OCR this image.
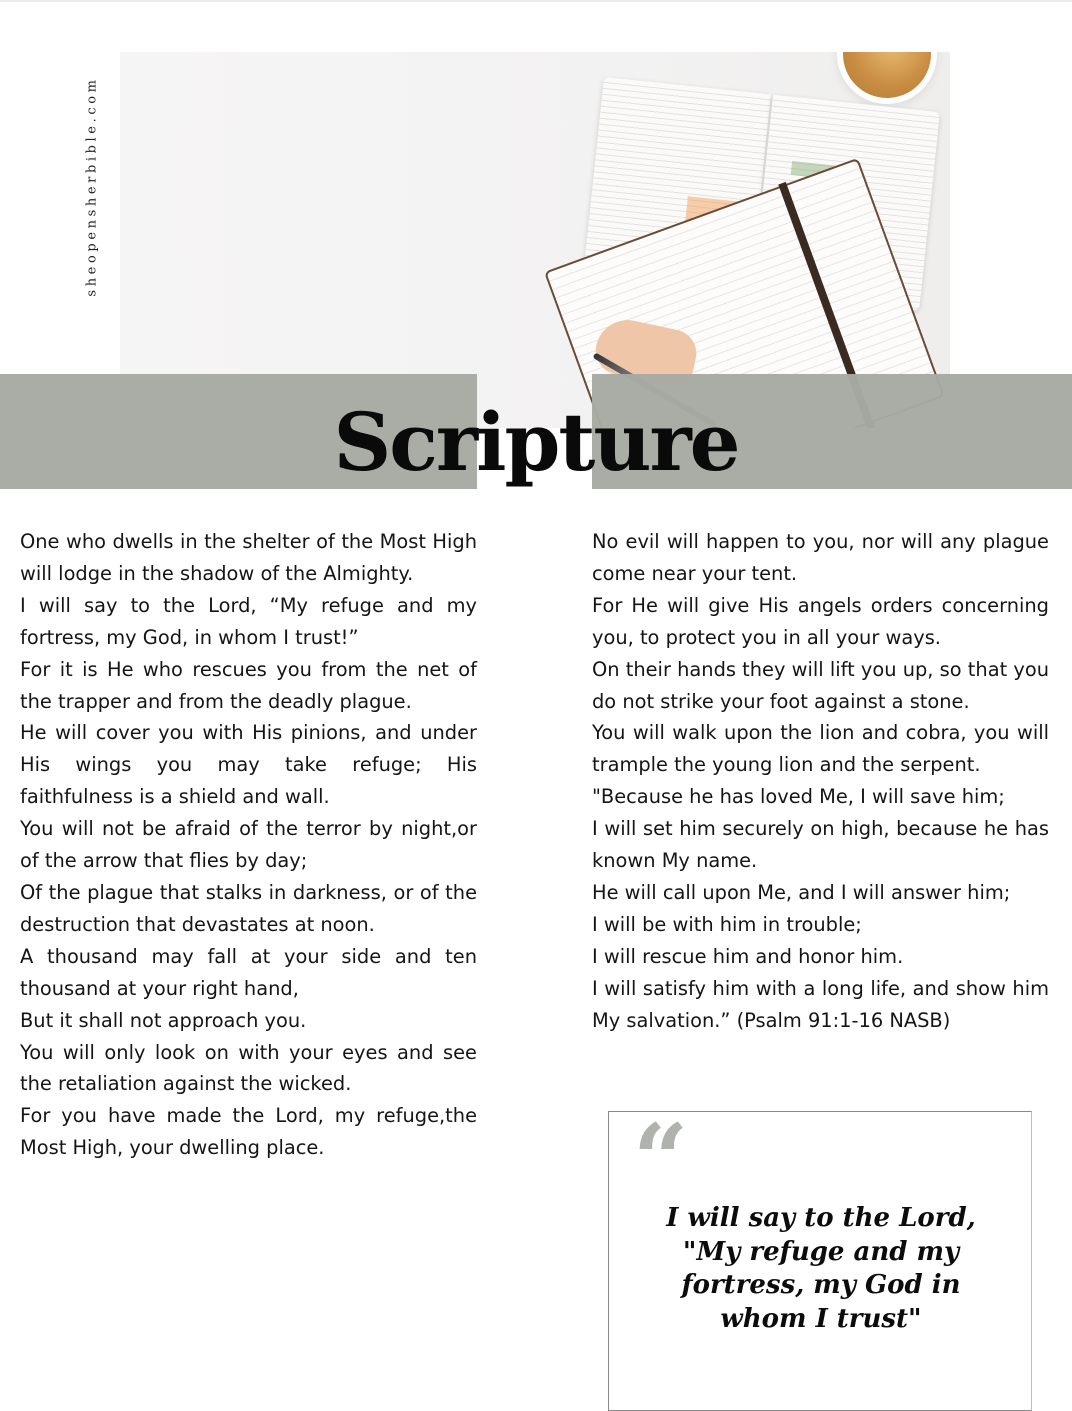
sheopensherbible.com
Scripture

One who dwells in the shelter of the Most High will lodge in the shadow of the Almighty.

I will say to the Lord, “My refuge and my fortress, my God, in whom I trust!”

For it is He who rescues you from the net of the trapper and from the deadly plague.

He will cover you with His pinions, and under His wings you may take refuge; His faithfulness is a shield and wall.

You will not be afraid of the terror by night,or of the arrow that flies by day;

Of the plague that stalks in darkness, or of the destruction that devastates at noon.

A thousand may fall at your side and ten thousand at your right hand,

But it shall not approach you.

You will only look on with your eyes and see the retaliation against the wicked.

For you have made the Lord, my refuge,the Most High, your dwelling place.

No evil will happen to you, nor will any plague come near your tent.

For He will give His angels orders concerning you, to protect you in all your ways.

On their hands they will lift you up, so that you do not strike your foot against a stone.

You will walk upon the lion and cobra, you will trample the young lion and the serpent.

"Because he has loved Me, I will save him;

I will set him securely on high, because he has known My name.

He will call upon Me, and I will answer him;

I will be with him in trouble;

I will rescue him and honor him.

I will satisfy him with a long life, and show him My salvation.” (Psalm 91:1-16 NASB)

“
I will say to the Lord,
"My refuge and my
fortress, my God in
whom I trust"
